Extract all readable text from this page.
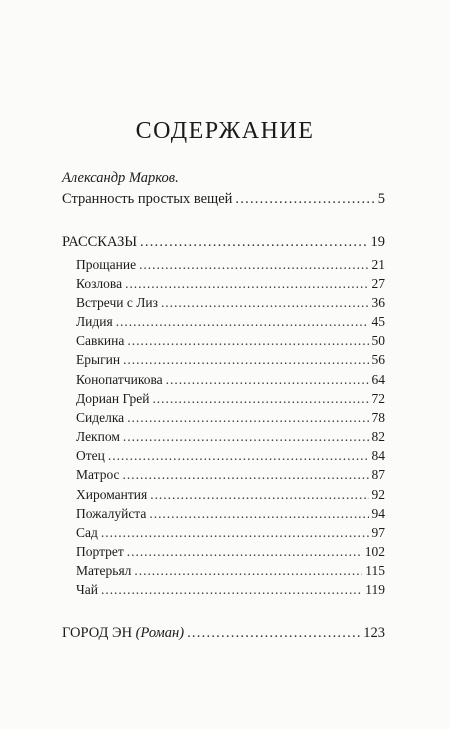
СОДЕРЖАНИЕ

Александр Марков.

Странность простых вещей . . .	5
РАССКАЗЫ . . .	19
Прощание . . .	21
Козлова . . .	27
Встречи с Лиз . . .	36
Лидия . . .	45
Савкина . . .	50
Ерыгин . . .	56
Конопатчикова . . .	64
Дориан Грей . . .	72
Сиделка . . .	78
Лекпом . . .	82
Отец . . .	84
Матрос . . .	87
Хиромантия . . .	92
Пожалуйста . . .	94
Сад . . .	97
Портрет . . .	102
Матерьял . . .	115
Чай . . .	119
ГОРОД ЭН (Роман) . . .	123
